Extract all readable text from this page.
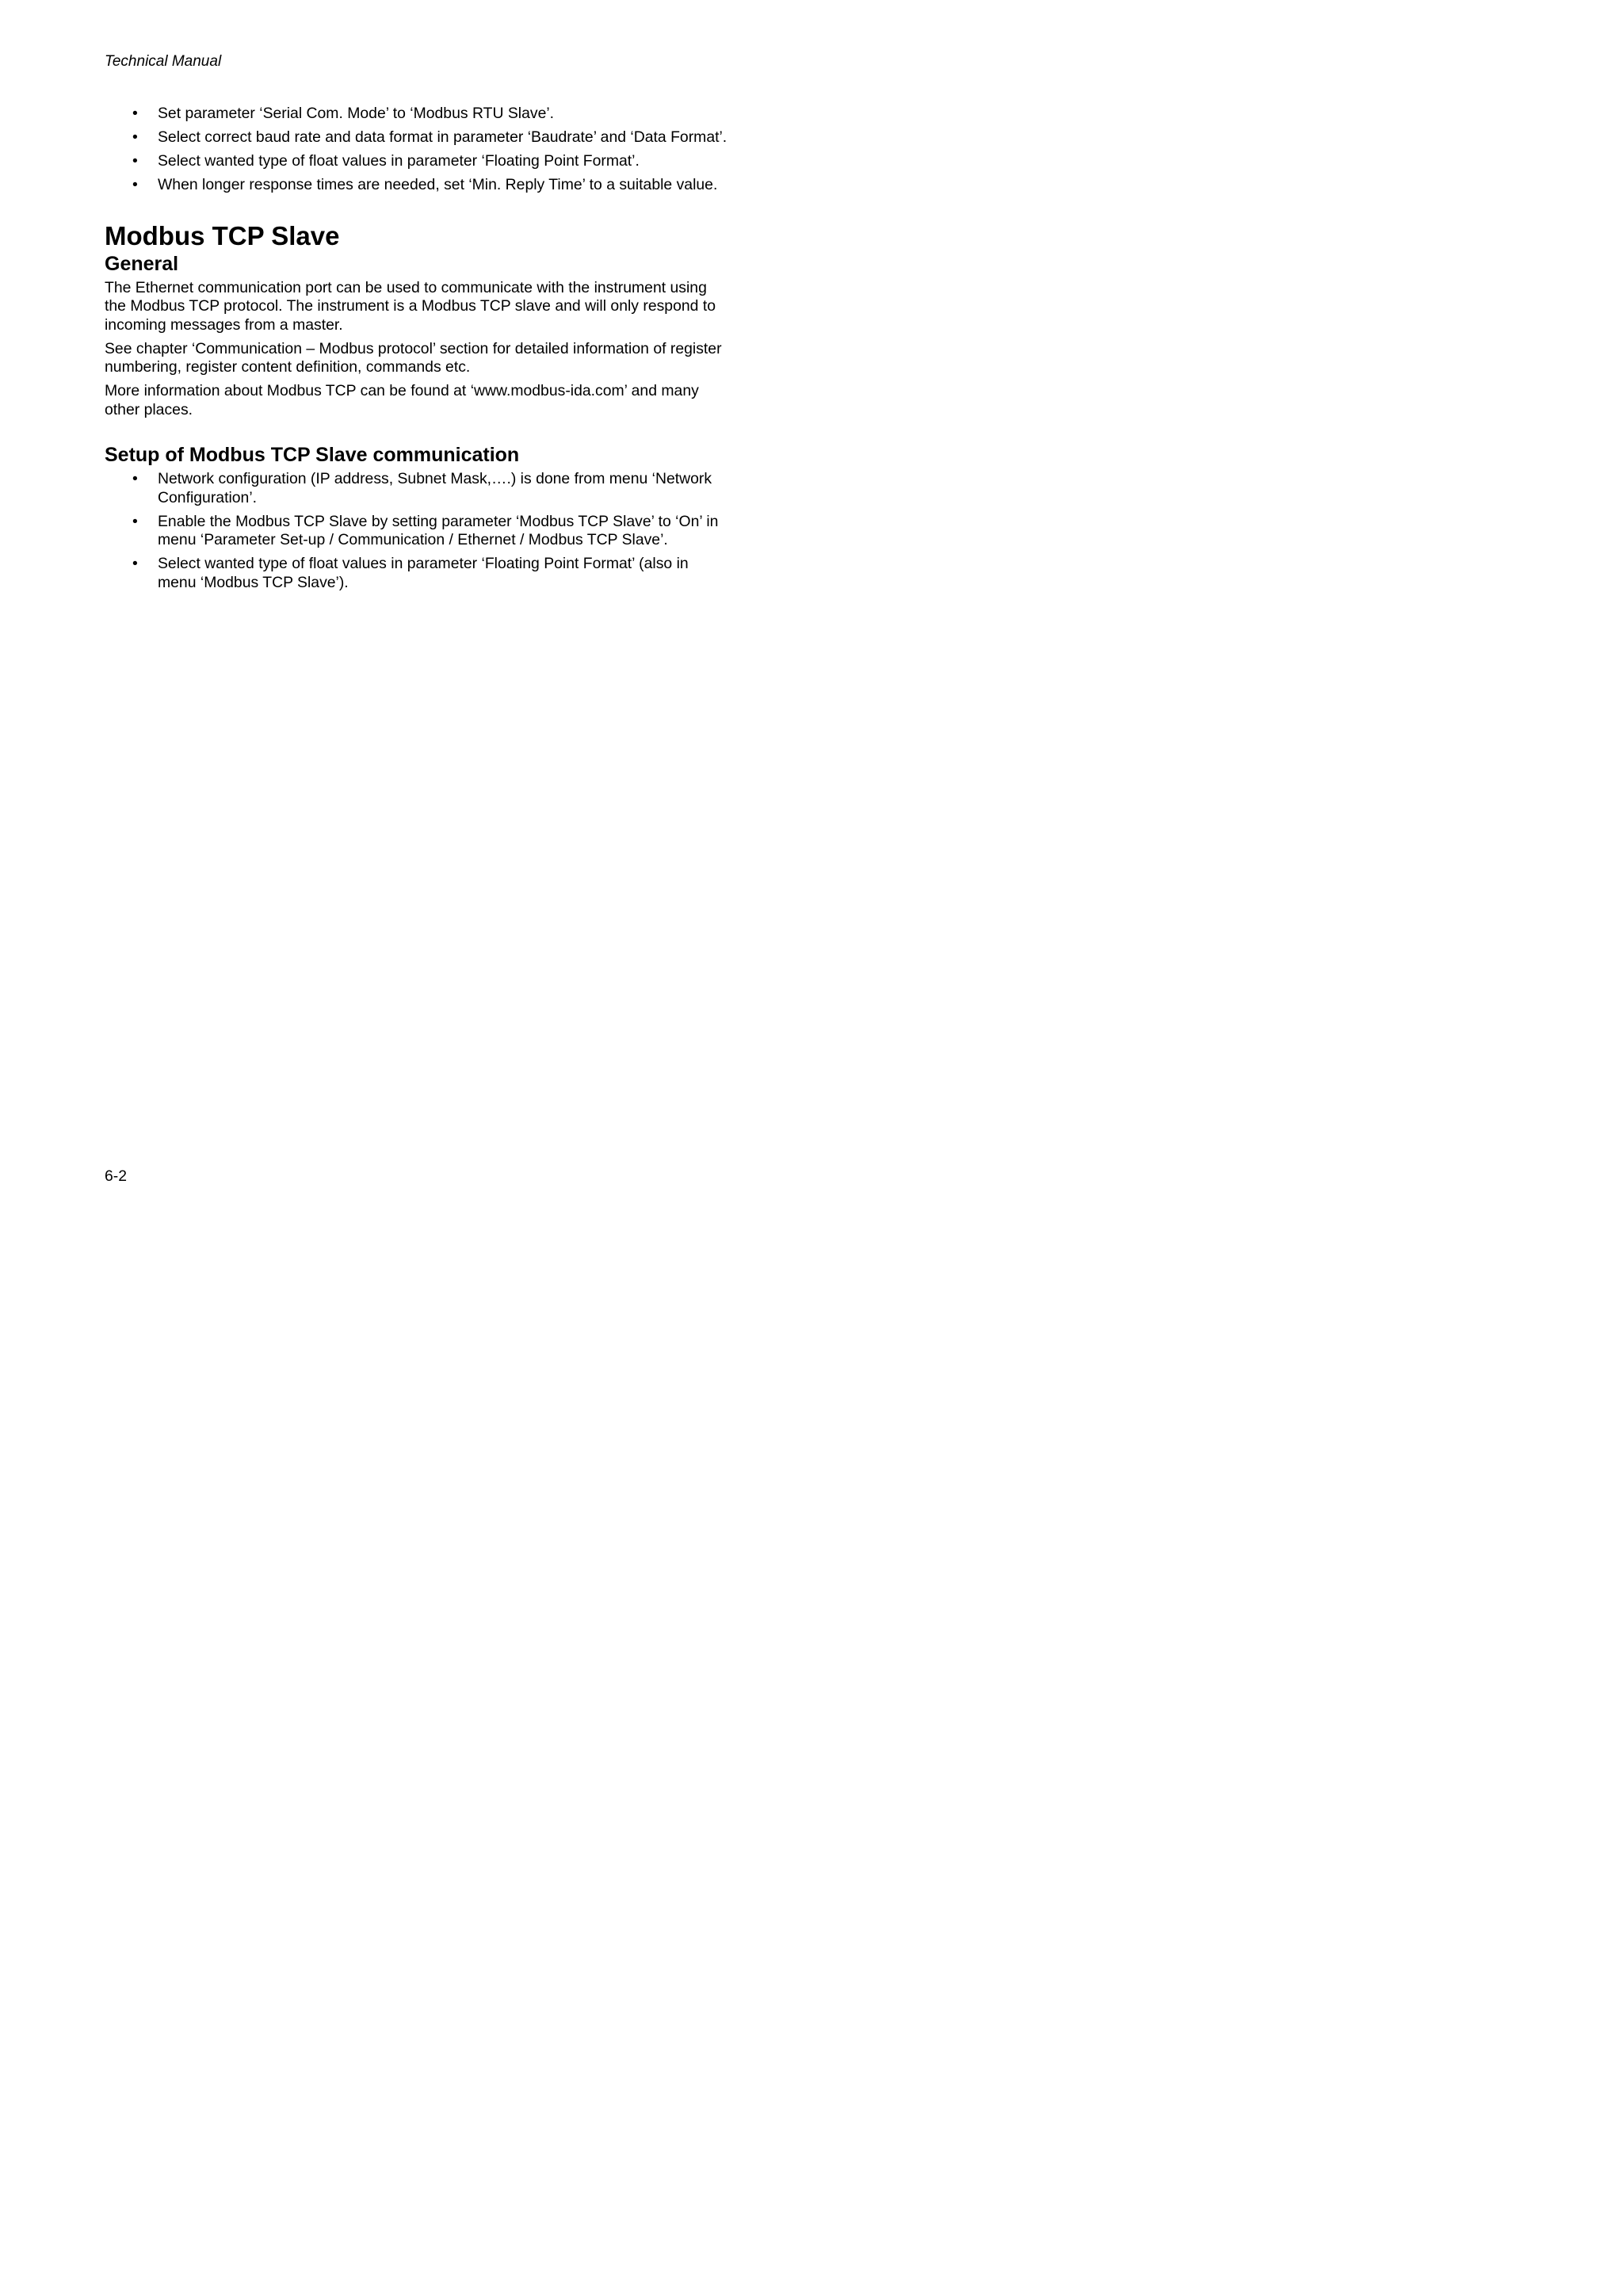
Technical Manual
• Set parameter ‘Serial Com. Mode’ to ‘Modbus RTU Slave’.
• Select correct baud rate and data format in parameter ‘Baudrate’ and ‘Data Format’.
• Select wanted type of float values in parameter ‘Floating Point Format’.
• When longer response times are needed, set ‘Min. Reply Time’ to a suitable value.
Modbus TCP Slave
General

The Ethernet communication port can be used to communicate with the instrument using the Modbus TCP protocol. The instrument is a Modbus TCP slave and will only respond to incoming messages from a master.

See chapter ‘Communication – Modbus protocol’ section for detailed information of register numbering, register content definition, commands etc.

More information about Modbus TCP can be found at ‘www.modbus-ida.com’ and many other places.

Setup of Modbus TCP Slave communication
• Network configuration (IP address, Subnet Mask,….) is done from menu ‘Network Configuration’.
• Enable the Modbus TCP Slave by setting parameter ‘Modbus TCP Slave’ to ‘On’ in menu ‘Parameter Set-up / Communication / Ethernet / Modbus TCP Slave’.
• Select wanted type of float values in parameter ‘Floating Point Format’ (also in menu ‘Modbus TCP Slave’).
6-2
